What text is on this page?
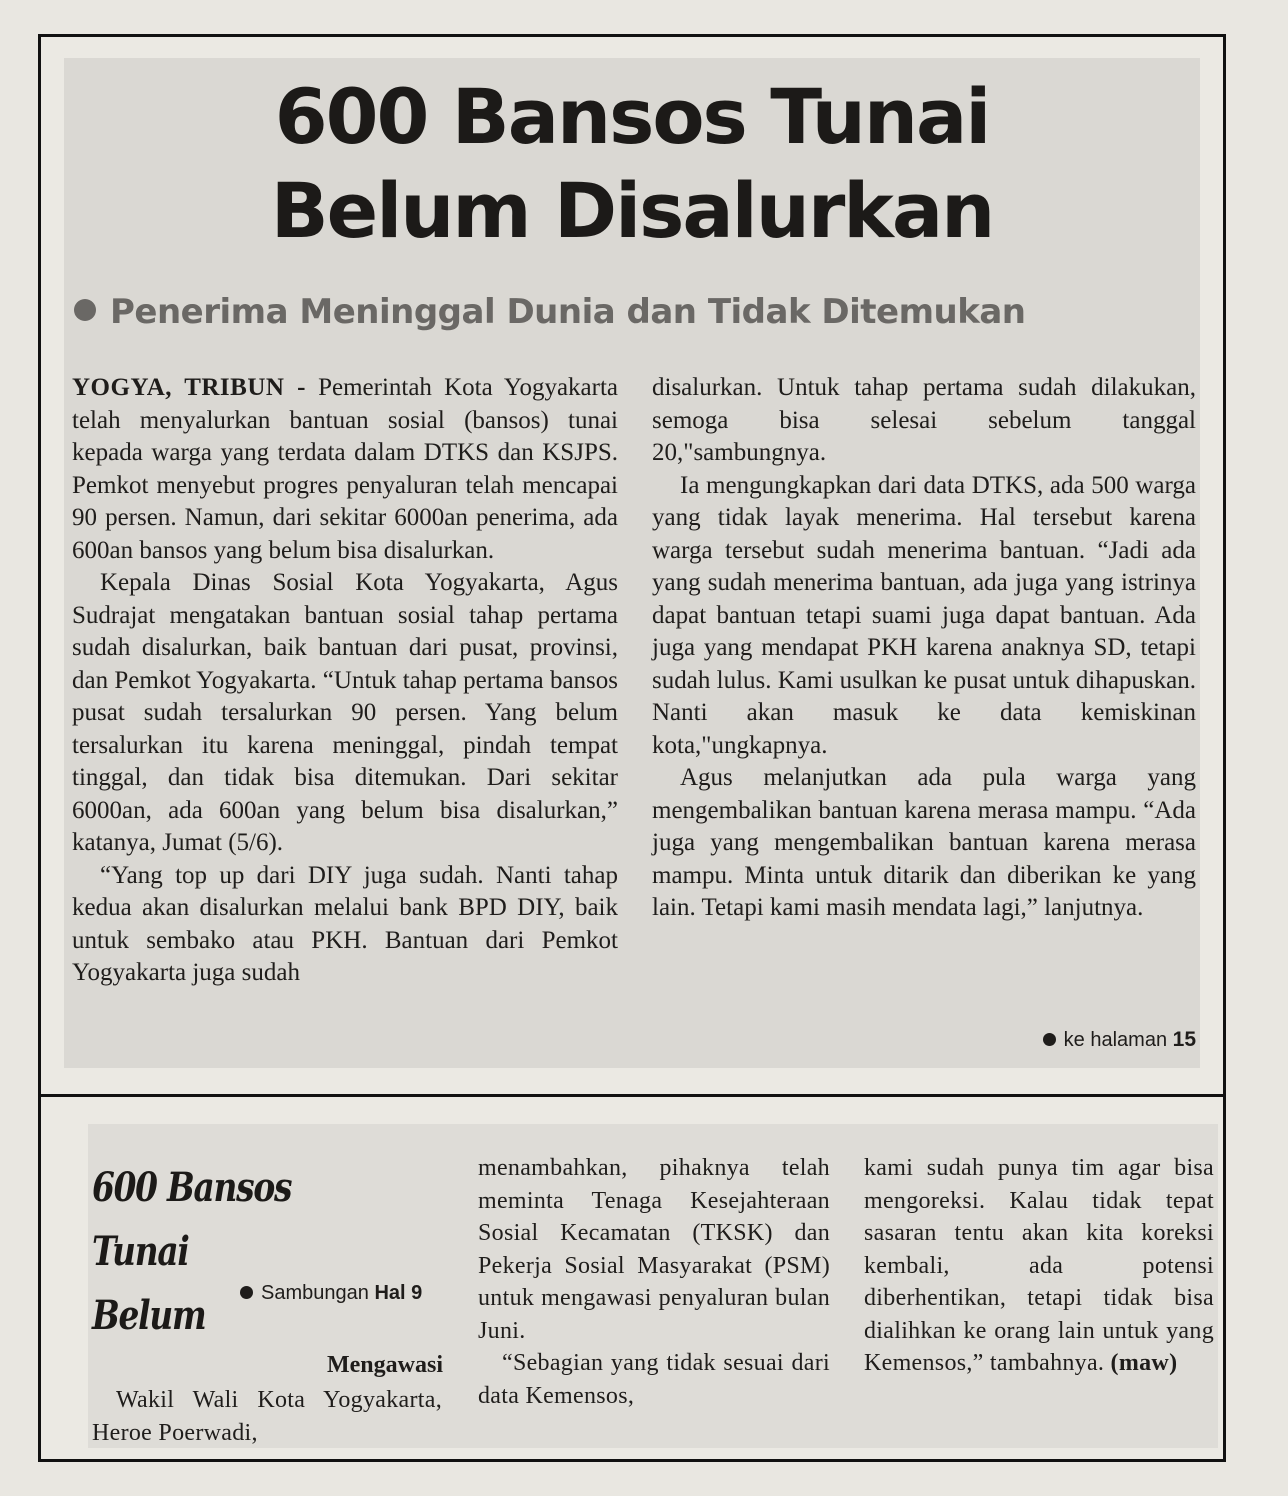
600 Bansos Tunai
Belum Disalurkan
Penerima Meninggal Dunia dan Tidak Ditemukan

YOGYA, TRIBUN - Pemerintah Kota Yogyakarta telah menyalurkan bantuan sosial (bansos) tunai kepada warga yang terdata dalam DTKS dan KSJPS. Pemkot menyebut progres penyaluran telah mencapai 90 persen. Namun, dari sekitar 6000an penerima, ada 600an bansos yang belum bisa disalurkan.

Kepala Dinas Sosial Kota Yogyakarta, Agus Sudrajat mengatakan bantuan sosial tahap pertama sudah disalurkan, baik bantuan dari pusat, provinsi, dan Pemkot Yogyakarta. “Untuk tahap pertama bansos pusat sudah tersalurkan 90 persen. Yang belum tersalurkan itu karena meninggal, pindah tempat tinggal, dan tidak bisa ditemukan. Dari sekitar 6000an, ada 600an yang belum bisa disalurkan,” katanya, Jumat (5/6).

“Yang top up dari DIY juga sudah. Nanti tahap kedua akan disalurkan melalui bank BPD DIY, baik untuk sembako atau PKH. Bantuan dari Pemkot Yogyakarta juga sudah

disalurkan. Untuk tahap pertama sudah dilakukan, semoga bisa selesai sebelum tanggal 20,"sambungnya.

Ia mengungkapkan dari data DTKS, ada 500 warga yang tidak layak menerima. Hal tersebut karena warga tersebut sudah menerima bantuan. “Jadi ada yang sudah menerima bantuan, ada juga yang istrinya dapat bantuan tetapi suami juga dapat bantuan. Ada juga yang mendapat PKH karena anaknya SD, tetapi sudah lulus. Kami usulkan ke pusat untuk dihapuskan. Nanti akan masuk ke data kemiskinan kota,"ungkapnya.

Agus melanjutkan ada pula warga yang mengembalikan bantuan karena merasa mampu. “Ada juga yang mengembalikan bantuan karena merasa mampu. Minta untuk ditarik dan diberikan ke yang lain. Tetapi kami masih mendata lagi,” lanjutnya.

ke halaman 15
600 Bansos Tunai
Belum	Sambungan Hal 9
Mengawasi

Wakil Wali Kota Yogyakarta, Heroe Poerwadi,

menambahkan, pihaknya telah meminta Tenaga Kesejahteraan Sosial Kecamatan (TKSK) dan Pekerja Sosial Masyarakat (PSM) untuk mengawasi penyaluran bulan Juni.

“Sebagian yang tidak sesuai dari data Kemensos,

kami sudah punya tim agar bisa mengoreksi. Kalau tidak tepat sasaran tentu akan kita koreksi kembali, ada potensi diberhentikan, tetapi tidak bisa dialihkan ke orang lain untuk yang Kemensos,” tambahnya. (maw)
